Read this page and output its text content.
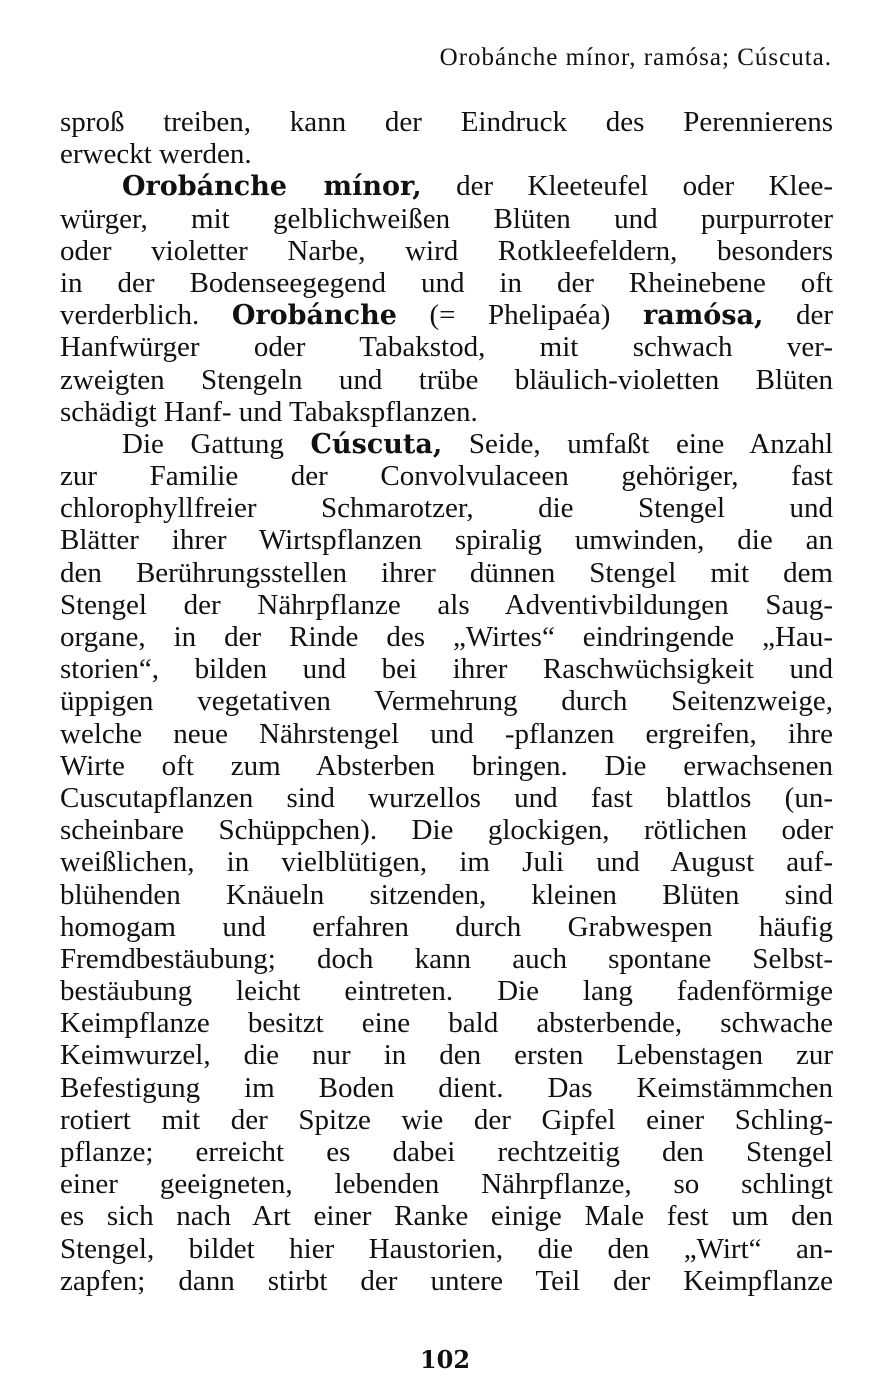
Orobánche mínor, ramósa; Cúscuta.
sproß treiben, kann der Eindruck des Perennierens
erweckt werden.
Orobánche mínor, der Kleeteufel oder Klee-
würger, mit gelblichweißen Blüten und purpurroter
oder violetter Narbe, wird Rotkleefeldern, besonders
in der Bodenseegegend und in der Rheinebene oft
verderblich. Orobánche (= Phelipaéa) ramósa, der
Hanfwürger oder Tabakstod, mit schwach ver-
zweigten Stengeln und trübe bläulich-violetten Blüten
schädigt Hanf- und Tabakspflanzen.
Die Gattung Cúscuta, Seide, umfaßt eine Anzahl
zur Familie der Convolvulaceen gehöriger, fast
chlorophyllfreier Schmarotzer, die Stengel und
Blätter ihrer Wirtspflanzen spiralig umwinden, die an
den Berührungsstellen ihrer dünnen Stengel mit dem
Stengel der Nährpflanze als Adventivbildungen Saug-
organe, in der Rinde des „Wirtes“ eindringende „Hau-
storien“, bilden und bei ihrer Raschwüchsigkeit und
üppigen vegetativen Vermehrung durch Seitenzweige,
welche neue Nährstengel und -pflanzen ergreifen, ihre
Wirte oft zum Absterben bringen. Die erwachsenen
Cuscutapflanzen sind wurzellos und fast blattlos (un-
scheinbare Schüppchen). Die glockigen, rötlichen oder
weißlichen, in vielblütigen, im Juli und August auf-
blühenden Knäueln sitzenden, kleinen Blüten sind
homogam und erfahren durch Grabwespen häufig
Fremdbestäubung; doch kann auch spontane Selbst-
bestäubung leicht eintreten. Die lang fadenförmige
Keimpflanze besitzt eine bald absterbende, schwache
Keimwurzel, die nur in den ersten Lebenstagen zur
Befestigung im Boden dient. Das Keimstämmchen
rotiert mit der Spitze wie der Gipfel einer Schling-
pflanze; erreicht es dabei rechtzeitig den Stengel
einer geeigneten, lebenden Nährpflanze, so schlingt
es sich nach Art einer Ranke einige Male fest um den
Stengel, bildet hier Haustorien, die den „Wirt“ an-
zapfen; dann stirbt der untere Teil der Keimpflanze
102
